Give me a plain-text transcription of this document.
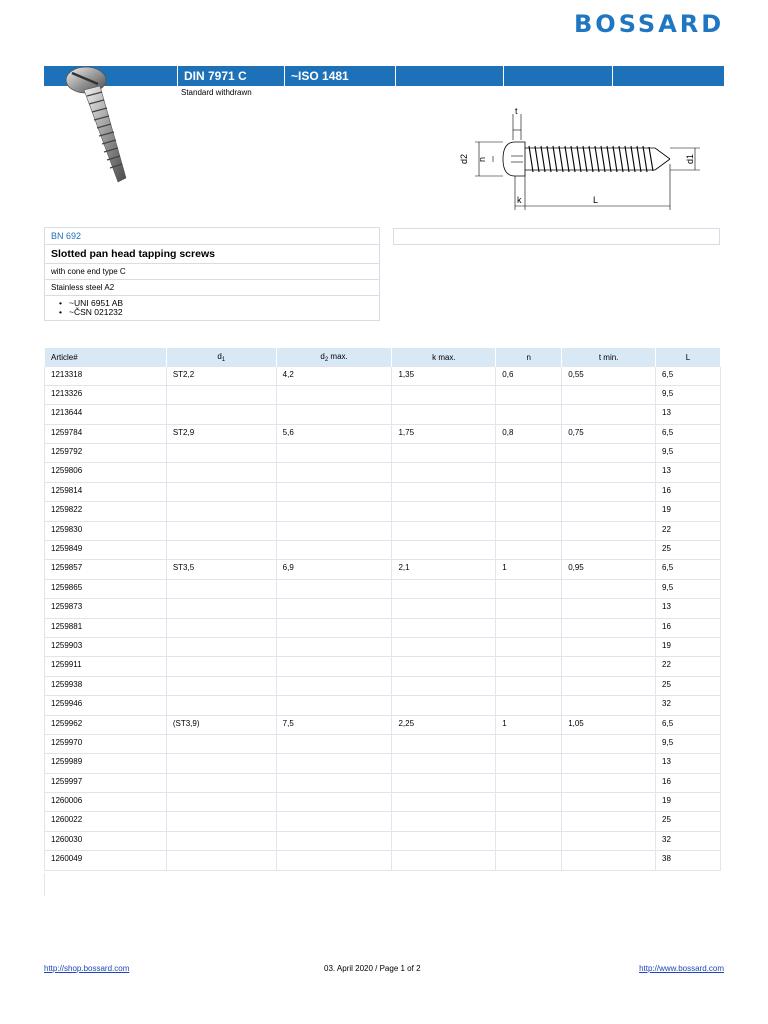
BOSSARD
DIN 7971 C	~ISO 1481
Standard withdrawn
t
n
d2	d1
k	L
BN 692
Slotted pan head tapping screws
with cone end type C
Stainless steel A2
• ~UNI 6951 AB
• ~ČSN 021232
Article#	$d_1$	$d_2$ max.	k max.	n	t min.	L
1213318	ST2,2	4,2	1,35	0,6	0,55	6,5
1213326						9,5
1213644						13
1259784	ST2,9	5,6	1,75	0,8	0,75	6,5
1259792						9,5
1259806						13
1259814						16
1259822						19
1259830						22
1259849						25
1259857	ST3,5	6,9	2,1	1	0,95	6,5
1259865						9,5
1259873						13
1259881						16
1259903						19
1259911						22
1259938						25
1259946						32
1259962	(ST3,9)	7,5	2,25	1	1,05	6,5
1259970						9,5
1259989						13
1259997						16
1260006						19
1260022						25
1260030						32
1260049						38
http://shop.bossard.com	03. April 2020 / Page 1 of 2	http://www.bossard.com
